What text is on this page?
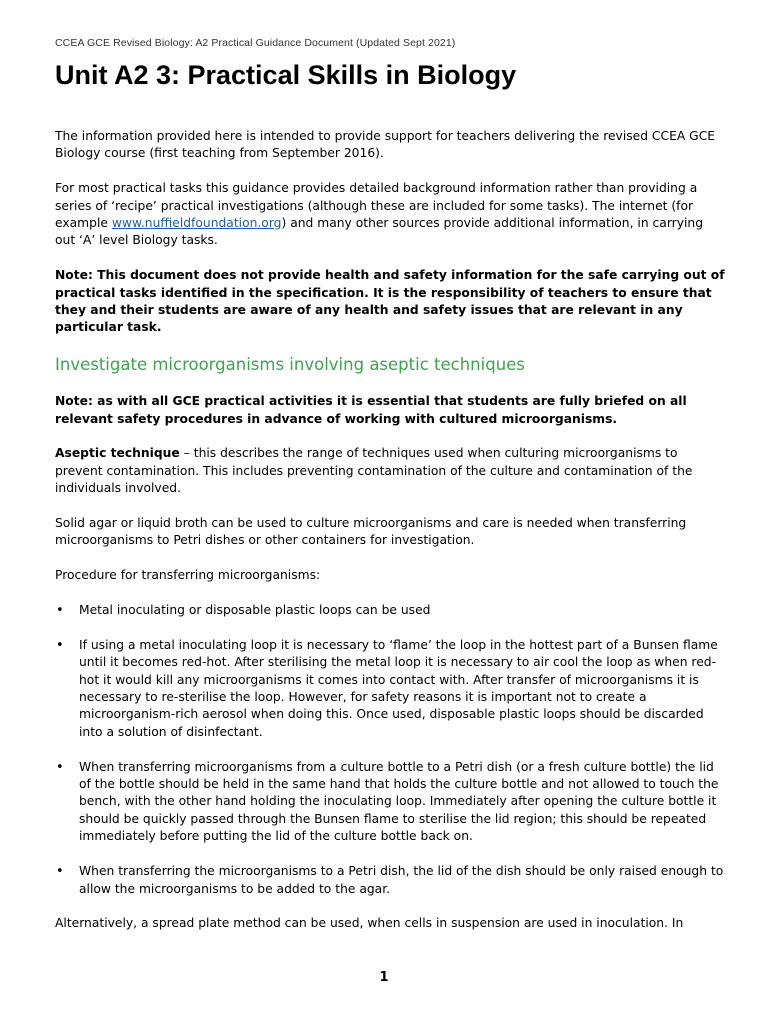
CCEA GCE Revised Biology: A2 Practical Guidance Document (Updated Sept 2021)
Unit A2 3: Practical Skills in Biology

The information provided here is intended to provide support for teachers delivering the revised CCEA GCE Biology course (first teaching from September 2016).

For most practical tasks this guidance provides detailed background information rather than providing a series of ‘recipe’ practical investigations (although these are included for some tasks). The internet (for example www.nuffieldfoundation.org) and many other sources provide additional information, in carrying out ‘A’ level Biology tasks.

Note: This document does not provide health and safety information for the safe carrying out of practical tasks identified in the specification. It is the responsibility of teachers to ensure that they and their students are aware of any health and safety issues that are relevant in any particular task.

Investigate microorganisms involving aseptic techniques

Note: as with all GCE practical activities it is essential that students are fully briefed on all relevant safety procedures in advance of working with cultured microorganisms.

Aseptic technique – this describes the range of techniques used when culturing microorganisms to prevent contamination. This includes preventing contamination of the culture and contamination of the individuals involved.

Solid agar or liquid broth can be used to culture microorganisms and care is needed when transferring microorganisms to Petri dishes or other containers for investigation.

Procedure for transferring microorganisms:

• Metal inoculating or disposable plastic loops can be used
• If using a metal inoculating loop it is necessary to ‘flame’ the loop in the hottest part of a Bunsen flame until it becomes red-hot. After sterilising the metal loop it is necessary to air cool the loop as when red-hot it would kill any microorganisms it comes into contact with. After transfer of microorganisms it is necessary to re-sterilise the loop. However, for safety reasons it is important not to create a microorganism-rich aerosol when doing this. Once used, disposable plastic loops should be discarded into a solution of disinfectant.
• When transferring microorganisms from a culture bottle to a Petri dish (or a fresh culture bottle) the lid of the bottle should be held in the same hand that holds the culture bottle and not allowed to touch the bench, with the other hand holding the inoculating loop. Immediately after opening the culture bottle it should be quickly passed through the Bunsen flame to sterilise the lid region; this should be repeated immediately before putting the lid of the culture bottle back on.
• When transferring the microorganisms to a Petri dish, the lid of the dish should be only raised enough to allow the microorganisms to be added to the agar.

Alternatively, a spread plate method can be used, when cells in suspension are used in inoculation. In

1
